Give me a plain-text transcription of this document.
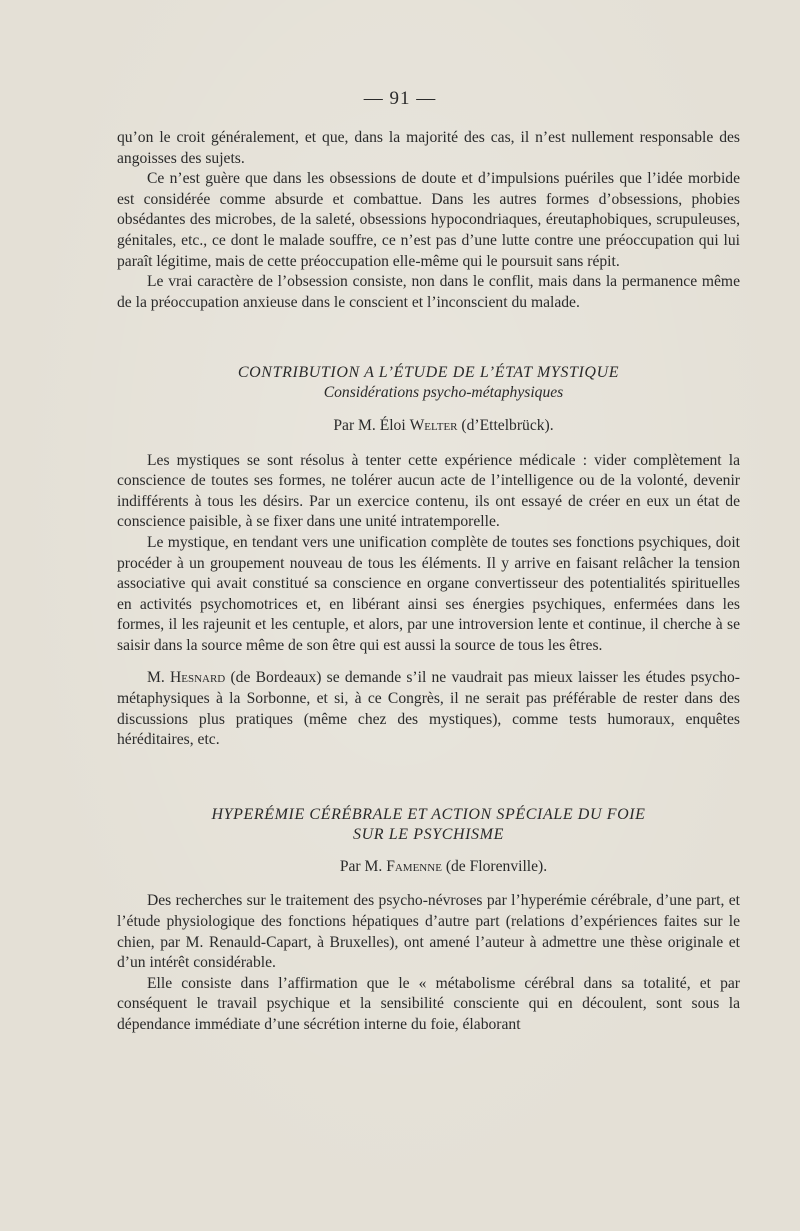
— 91 —

qu’on le croit généralement, et que, dans la majorité des cas, il n’est nullement responsable des angoisses des sujets.

Ce n’est guère que dans les obsessions de doute et d’impulsions puériles que l’idée morbide est considérée comme absurde et combattue. Dans les autres formes d’obsessions, phobies obsédantes des microbes, de la saleté, obsessions hypocondriaques, éreutaphobiques, scrupuleuses, génitales, etc., ce dont le malade souffre, ce n’est pas d’une lutte contre une préoccupation qui lui paraît légitime, mais de cette préoccupation elle-même qui le poursuit sans répit.

Le vrai caractère de l’obsession consiste, non dans le conflit, mais dans la permanence même de la préoccupation anxieuse dans le conscient et l’inconscient du malade.

CONTRIBUTION A L’ÉTUDE DE L’ÉTAT MYSTIQUE

Considérations psycho-métaphysiques

Par M. Éloi Welter (d’Ettelbrück).

Les mystiques se sont résolus à tenter cette expérience médicale : vider complètement la conscience de toutes ses formes, ne tolérer aucun acte de l’intelligence ou de la volonté, devenir indifférents à tous les désirs. Par un exercice contenu, ils ont essayé de créer en eux un état de conscience paisible, à se fixer dans une unité intratemporelle.

Le mystique, en tendant vers une unification complète de toutes ses fonctions psychiques, doit procéder à un groupement nouveau de tous les éléments. Il y arrive en faisant relâcher la tension associative qui avait constitué sa conscience en organe convertisseur des potentialités spirituelles en activités psychomotrices et, en libérant ainsi ses énergies psychiques, enfermées dans les formes, il les rajeunit et les centuple, et alors, par une introversion lente et continue, il cherche à se saisir dans la source même de son être qui est aussi la source de tous les êtres.

M. Hesnard (de Bordeaux) se demande s’il ne vaudrait pas mieux laisser les études psycho-métaphysiques à la Sorbonne, et si, à ce Congrès, il ne serait pas préférable de rester dans des discussions plus pratiques (même chez des mystiques), comme tests humoraux, enquêtes héréditaires, etc.

HYPERÉMIE CÉRÉBRALE ET ACTION SPÉCIALE DU FOIE
SUR LE PSYCHISME

Par M. Famenne (de Florenville).

Des recherches sur le traitement des psycho-névroses par l’hyperémie cérébrale, d’une part, et l’étude physiologique des fonctions hépatiques d’autre part (relations d’expériences faites sur le chien, par M. Renauld-Capart, à Bruxelles), ont amené l’auteur à admettre une thèse originale et d’un intérêt considérable.

Elle consiste dans l’affirmation que le « métabolisme cérébral dans sa totalité, et par conséquent le travail psychique et la sensibilité consciente qui en découlent, sont sous la dépendance immédiate d’une sécrétion interne du foie, élaborant
